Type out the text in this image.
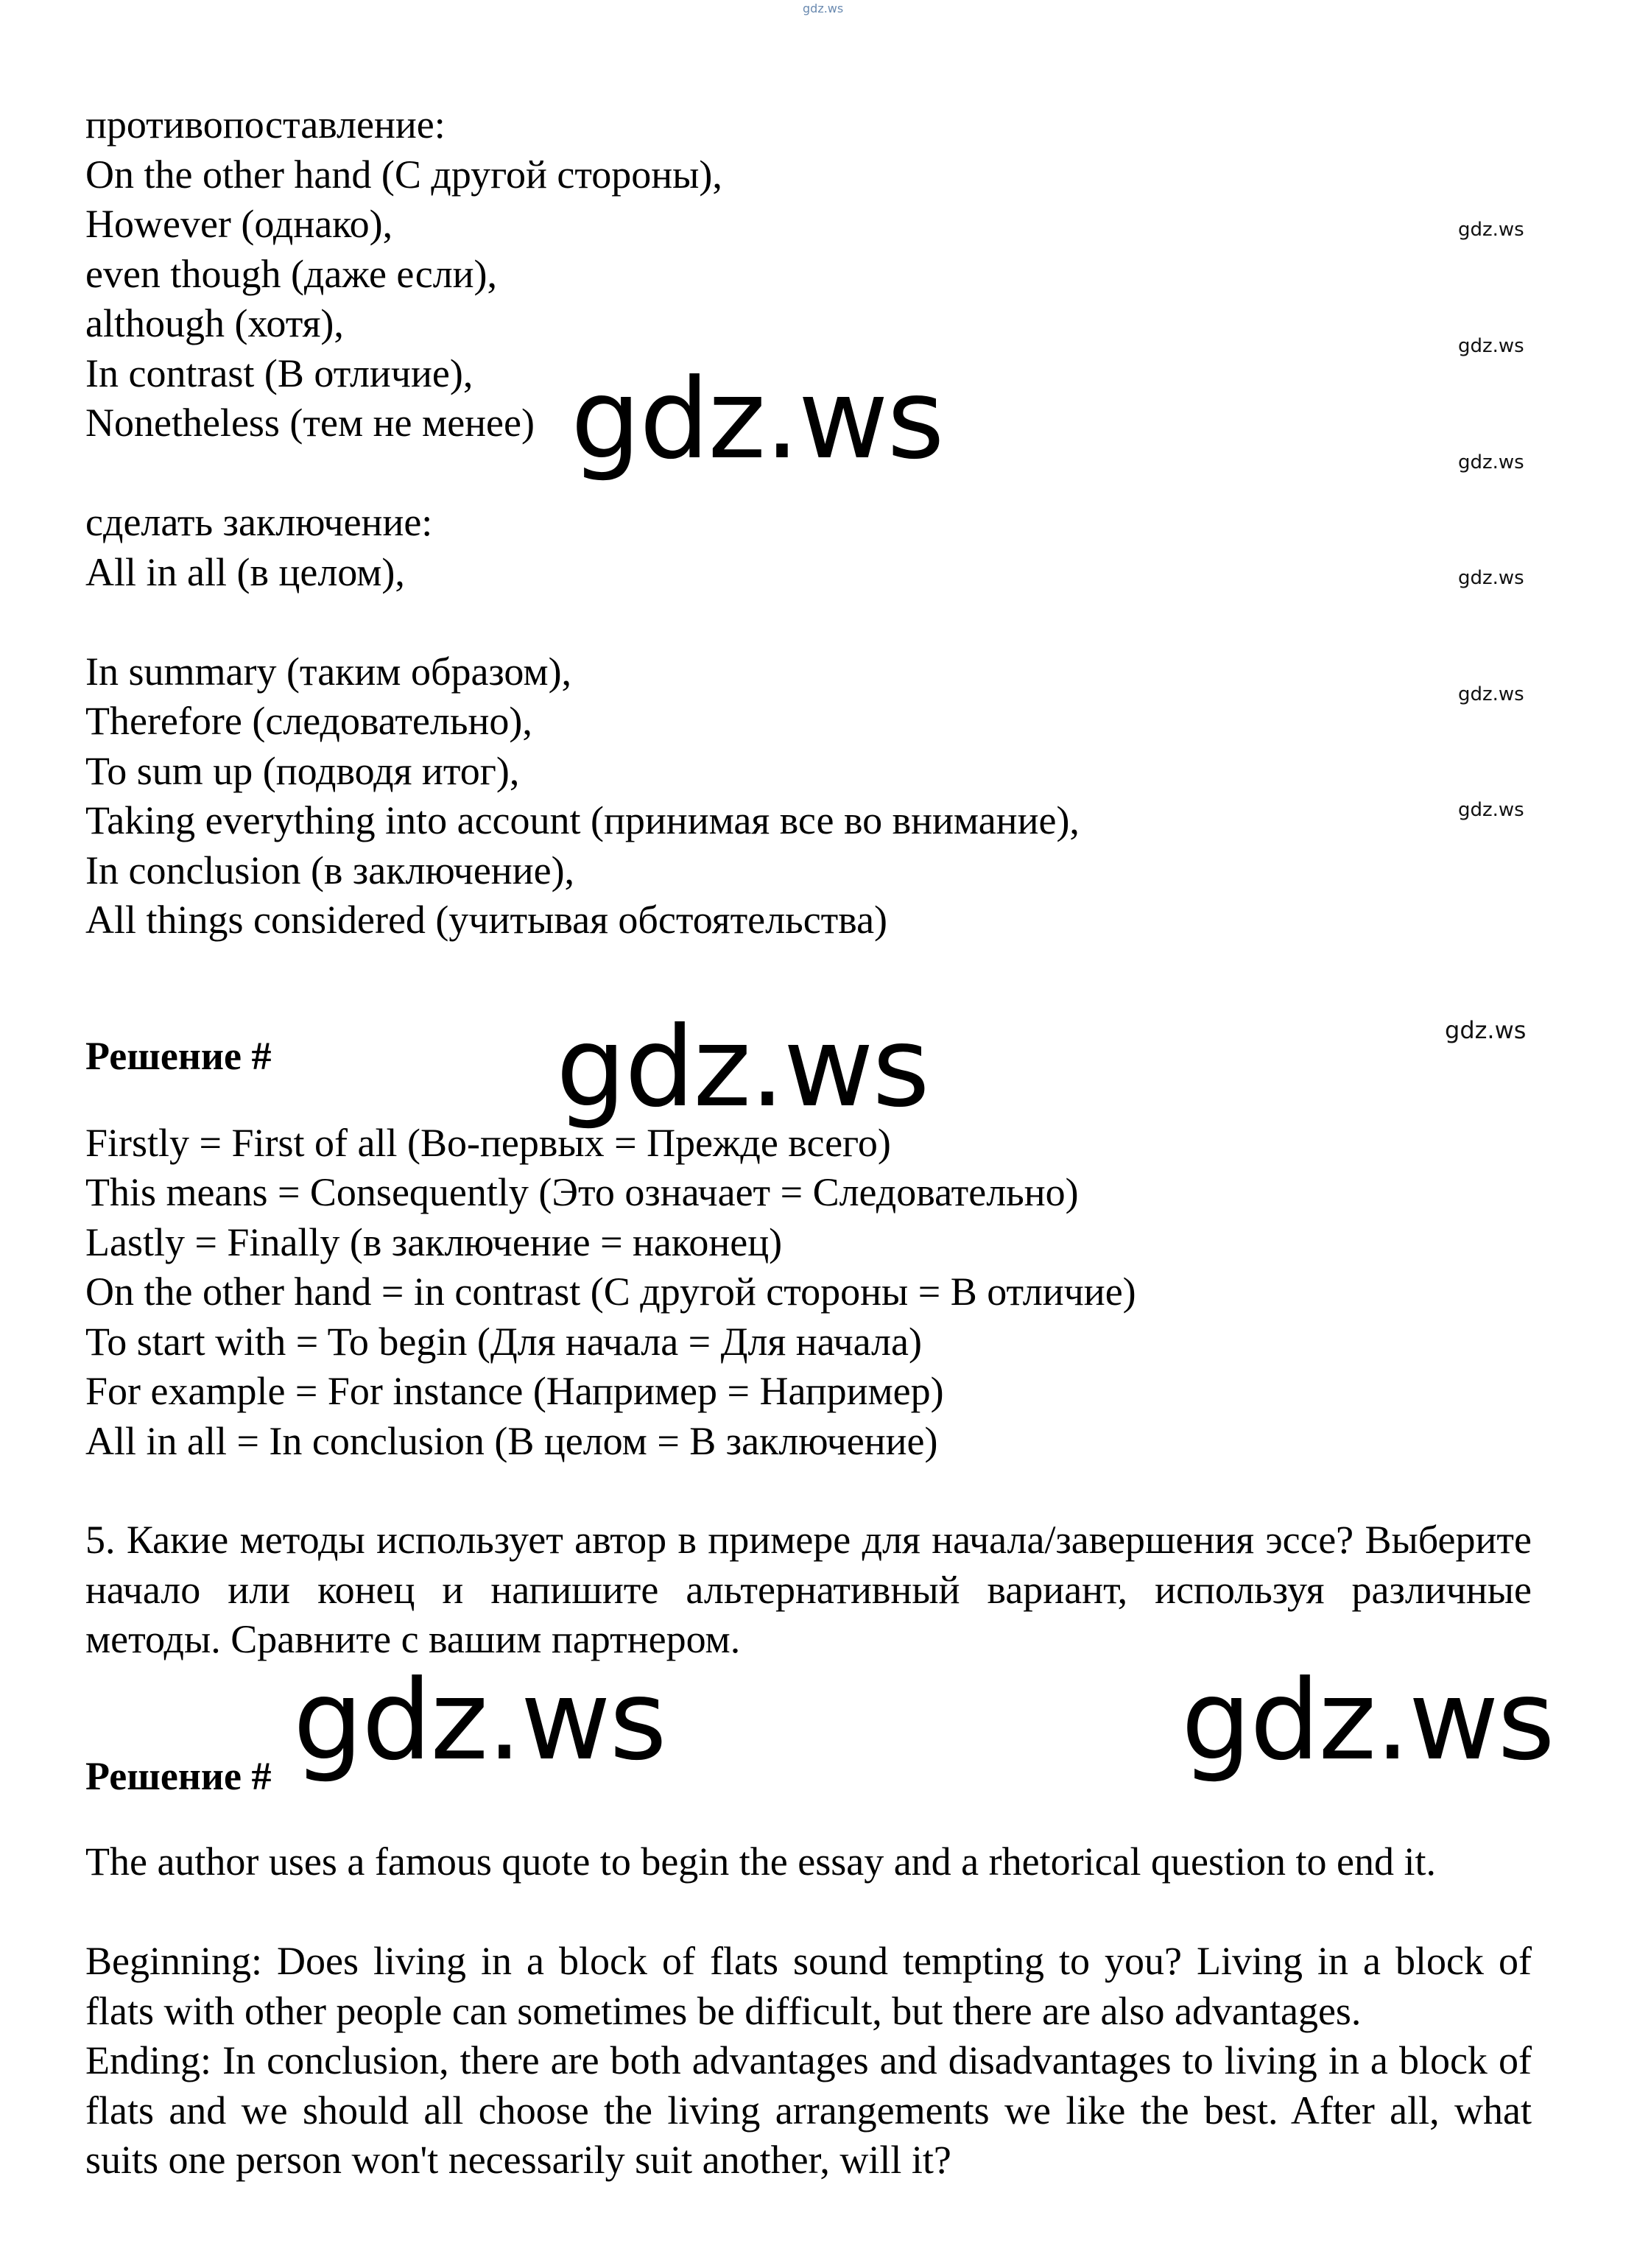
gdz.ws
противопоставление:
On the other hand (С другой стороны),
However (однако),
even though (даже если),
although (хотя),
In contrast (В отличие),
Nonetheless (тем не менее)
сделать заключение:
All in all (в целом),
In summary (таким образом),
Therefore (следовательно),
To sum up (подводя итог),
Taking everything into account (принимая все во внимание),
In conclusion (в заключение),
All things considered (учитывая обстоятельства)
Решение #
Firstly = First of all (Во-первых = Прежде всего)
This means = Consequently (Это означает = Следовательно)
Lastly = Finally (в заключение = наконец)
On the other hand = in contrast (С другой стороны = В отличие)
To start with = To begin (Для начала = Для начала)
For example = For instance (Например = Например)
All in all = In conclusion (В целом = В заключение)
5. Какие методы использует автор в примере для начала/завершения эссе? Выберите начало или конец и напишите альтернативный вариант, используя различные методы. Сравните с вашим партнером.
Решение #
The author uses a famous quote to begin the essay and a rhetorical question to end it.
Beginning: Does living in a block of flats sound tempting to you? Living in a block of flats with other people can sometimes be difficult, but there are also advantages.
Ending: In conclusion, there are both advantages and disadvantages to living in a block of flats and we should all choose the living arrangements we like the best. After all, what suits one person won't necessarily suit another, will it?
gdz.ws
gdz.ws
gdz.ws
gdz.ws
gdz.ws
gdz.ws
gdz.ws
gdz.ws
gdz.ws
gdz.ws	gdz.ws
